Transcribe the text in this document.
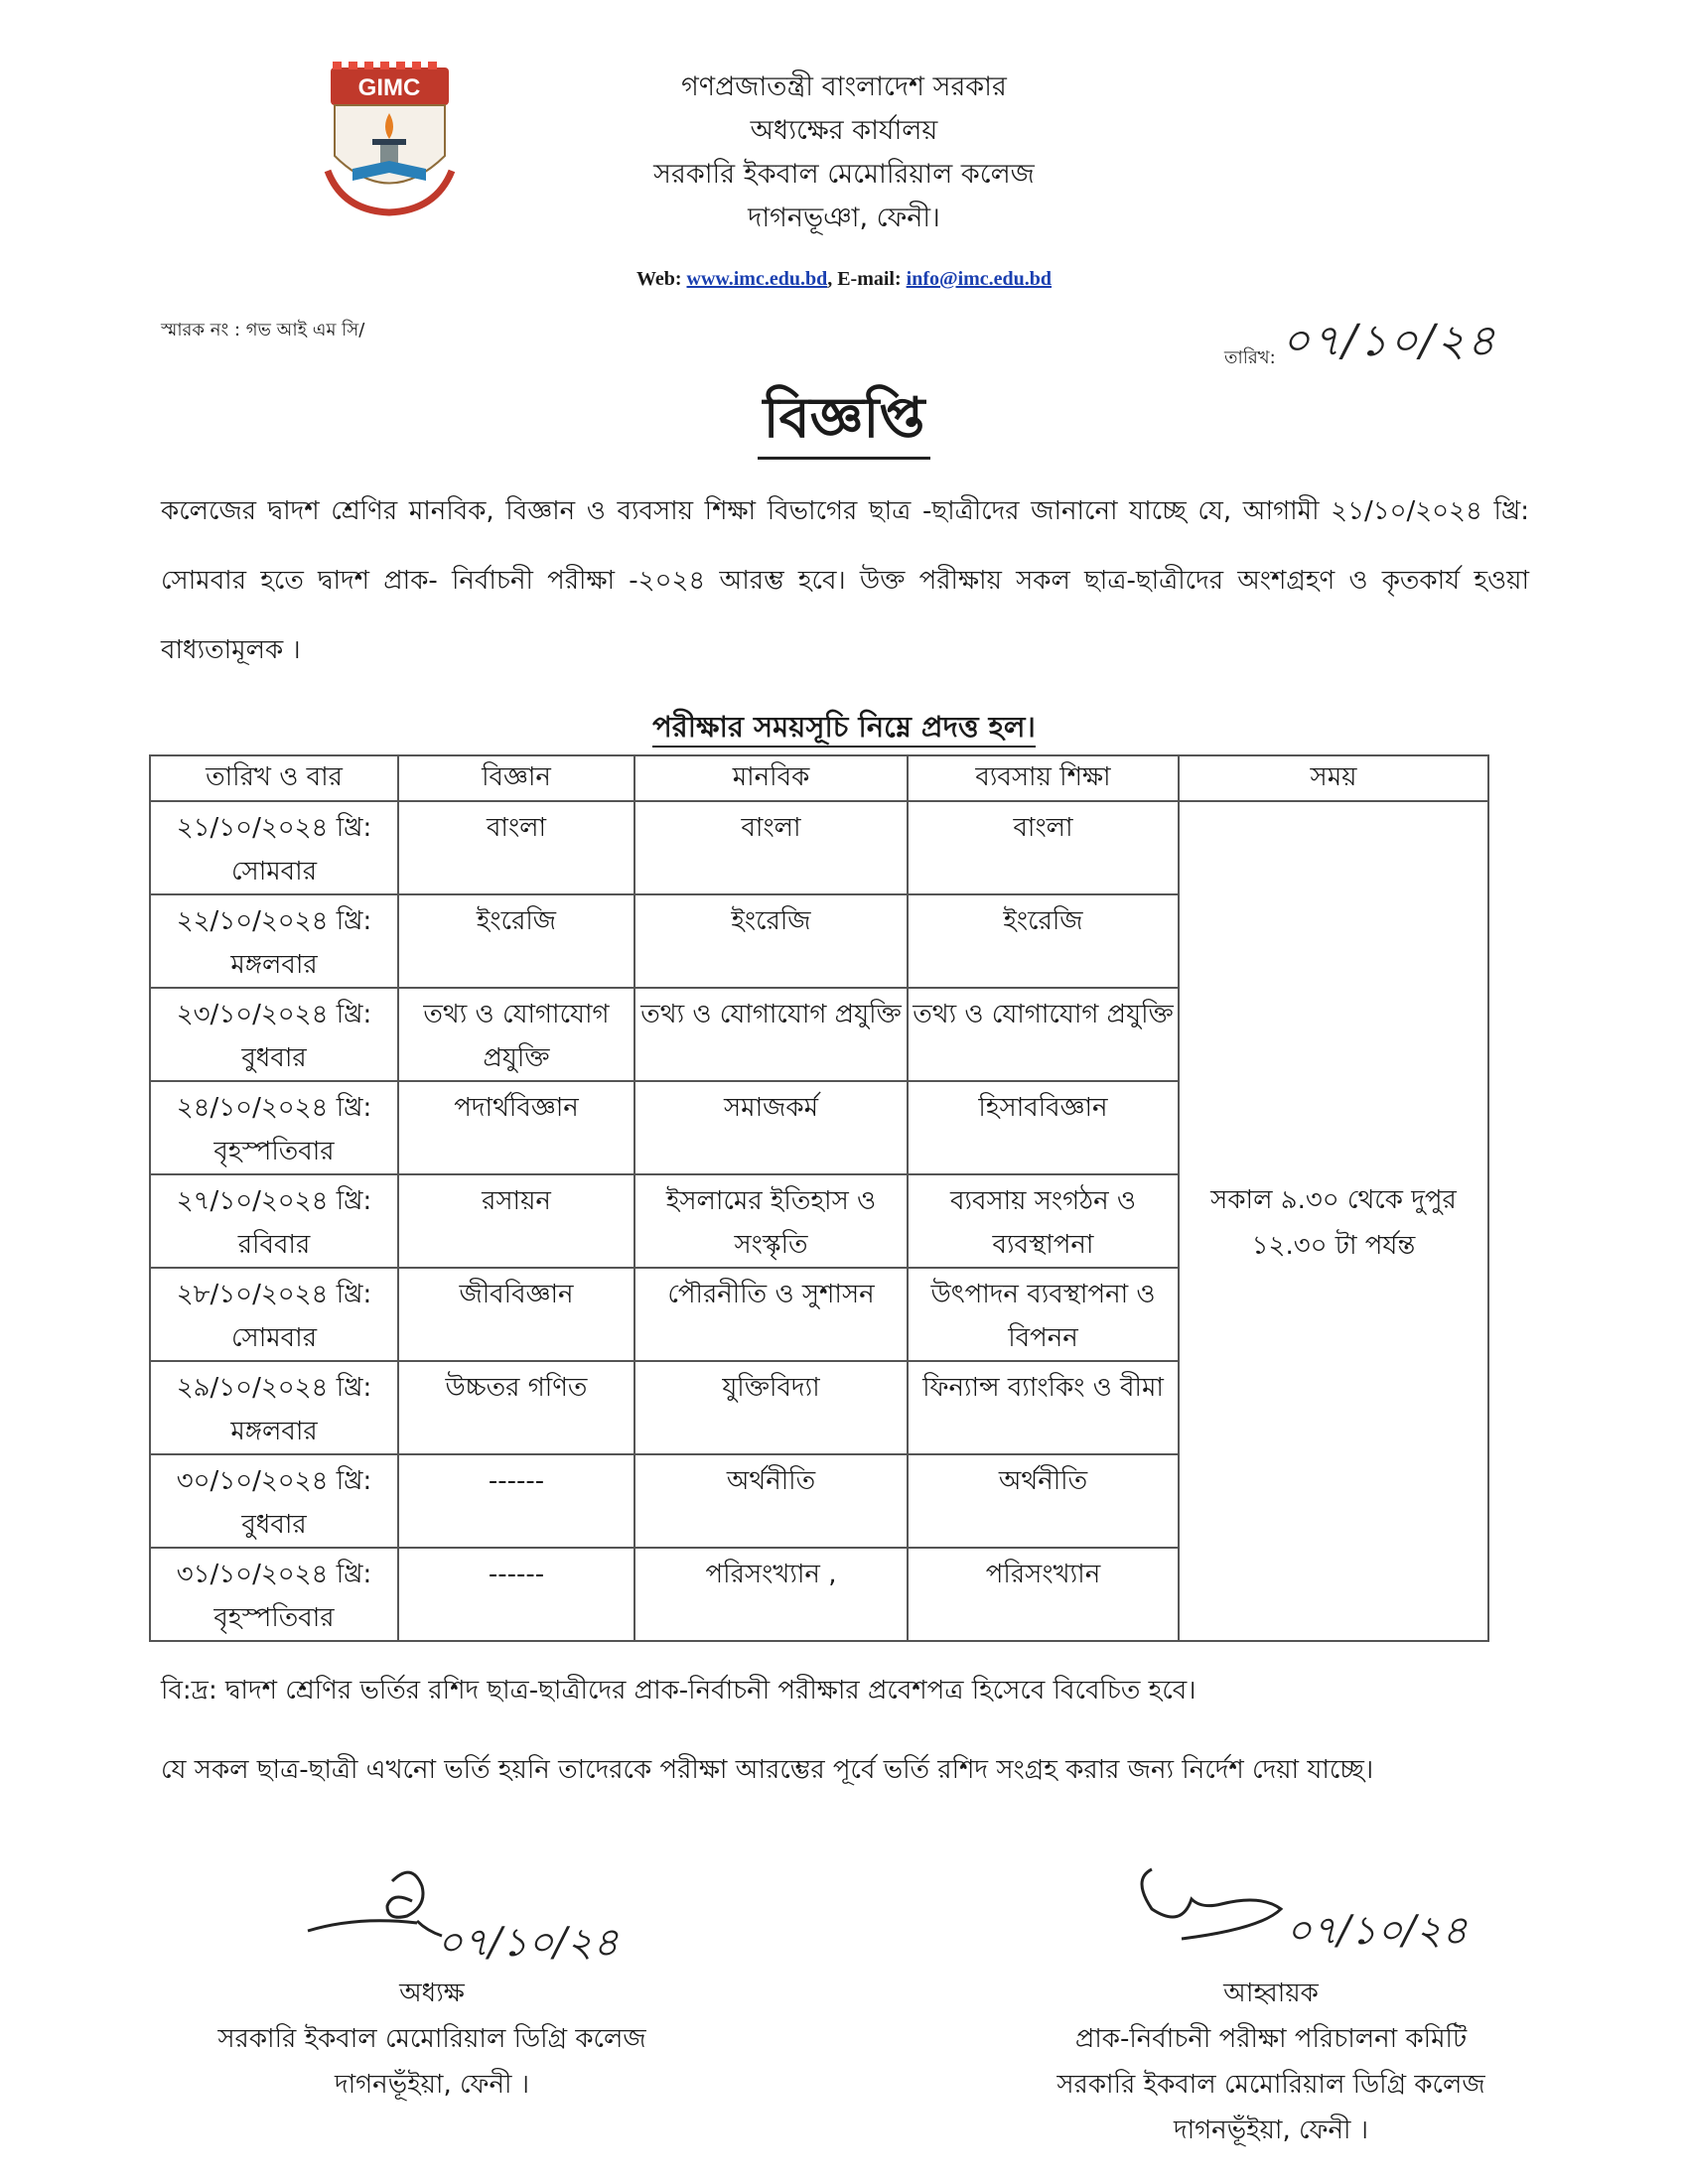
GIMC	গণপ্রজাতন্ত্রী বাংলাদেশ সরকার
অধ্যক্ষের কার্যালয়
সরকারি ইকবাল মেমোরিয়াল কলেজ
দাগনভূঞা, ফেনী।
Web: www.imc.edu.bd, E-mail: info@imc.edu.bd
স্মারক নং : গভ আই এম সি/
তারিখ: ০৭/১০/২৪
বিজ্ঞপ্তি
কলেজের দ্বাদশ শ্রেণির মানবিক, বিজ্ঞান ও ব্যবসায় শিক্ষা বিভাগের ছাত্র -ছাত্রীদের জানানো যাচ্ছে যে, আগামী ২১/১০/২০২৪ খ্রি: সোমবার হতে দ্বাদশ প্রাক- নির্বাচনী পরীক্ষা -২০২৪ আরম্ভ হবে। উক্ত পরীক্ষায় সকল ছাত্র-ছাত্রীদের অংশগ্রহণ ও কৃতকার্য হওয়া বাধ্যতামূলক ।
পরীক্ষার সময়সূচি নিম্নে প্রদত্ত হল।
তারিখ ও বার	বিজ্ঞান	মানবিক	ব্যবসায় শিক্ষা	সময়

২১/১০/২০২৪ খ্রি:
সোমবার	বাংলা	বাংলা	বাংলা	সকাল ৯.৩০ থেকে দুপুর ১২.৩০ টা পর্যন্ত

২২/১০/২০২৪ খ্রি:
মঙ্গলবার	ইংরেজি	ইংরেজি	ইংরেজি	

২৩/১০/২০২৪ খ্রি:
বুধবার	তথ্য ও যোগাযোগ প্রযুক্তি	তথ্য ও যোগাযোগ প্রযুক্তি	তথ্য ও যোগাযোগ প্রযুক্তি	

২৪/১০/২০২৪ খ্রি:
বৃহস্পতিবার	পদার্থবিজ্ঞান	সমাজকর্ম	হিসাববিজ্ঞান	

২৭/১০/২০২৪ খ্রি:
রবিবার	রসায়ন	ইসলামের ইতিহাস ও সংস্কৃতি	ব্যবসায় সংগঠন ও ব্যবস্থাপনা	

২৮/১০/২০২৪ খ্রি:
সোমবার	জীববিজ্ঞান	পৌরনীতি ও সুশাসন	উৎপাদন ব্যবস্থাপনা ও বিপনন	

২৯/১০/২০২৪ খ্রি:
মঙ্গলবার	উচ্চতর গণিত	যুক্তিবিদ্যা	ফিন্যান্স ব্যাংকিং ও বীমা	

৩০/১০/২০২৪ খ্রি:
বুধবার	------	অর্থনীতি	অর্থনীতি	

৩১/১০/২০২৪ খ্রি:
বৃহস্পতিবার	------	পরিসংখ্যান ,	পরিসংখ্যান	
বি:দ্র: দ্বাদশ শ্রেণির ভর্তির রশিদ ছাত্র-ছাত্রীদের প্রাক-নির্বাচনী পরীক্ষার প্রবেশপত্র হিসেবে বিবেচিত হবে।
যে সকল ছাত্র-ছাত্রী এখনো ভর্তি হয়নি তাদেরকে পরীক্ষা আরম্ভের পূর্বে ভর্তি রশিদ সংগ্রহ করার জন্য নির্দেশ দেয়া যাচ্ছে।
০৭/১০/২৪
অধ্যক্ষ
সরকারি ইকবাল মেমোরিয়াল ডিগ্রি কলেজ
দাগনভূঁইয়া, ফেনী ।
০৭/১০/২৪
আহ্বায়ক
প্রাক-নির্বাচনী পরীক্ষা পরিচালনা কমিটি
সরকারি ইকবাল মেমোরিয়াল ডিগ্রি কলেজ
দাগনভূঁইয়া, ফেনী ।
